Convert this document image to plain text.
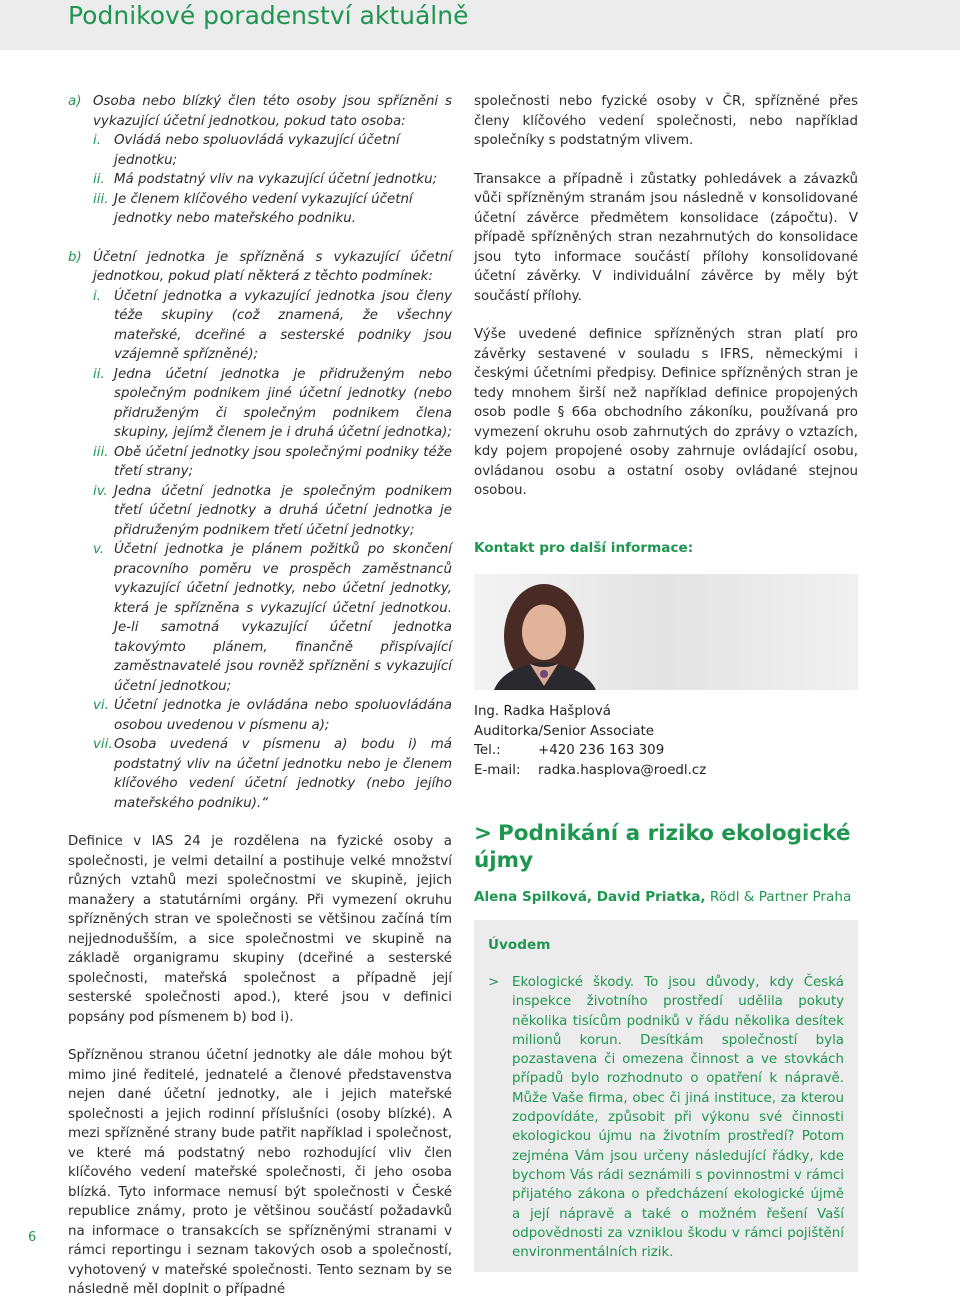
Podnikové poradenství aktuálně
a) Osoba nebo blízký člen této osoby jsou spřízněni s vykazující účetní jednotkou, pokud tato osoba:

i. Ovládá nebo spoluovládá vykazující účetní jednotku;
ii. Má podstatný vliv na vykazující účetní jednotku;
iii. Je členem klíčového vedení vykazující účetní jednotky nebo mateřského podniku.
b) Účetní jednotka je spřízněná s vykazující účetní jednotkou, pokud platí některá z těchto podmínek:

i. Účetní jednotka a vykazující jednotka jsou členy téže skupiny (což znamená, že všechny mateřské, dceřiné a sesterské podniky jsou vzájemně spřízněné);
ii. Jedna účetní jednotka je přidruženým nebo společným podnikem jiné účetní jednotky (nebo přidruženým či společným podnikem člena skupiny, jejímž členem je i druhá účetní jednotka);
iii. Obě účetní jednotky jsou společnými podniky téže třetí strany;
iv. Jedna účetní jednotka je společným podnikem třetí účetní jednotky a druhá účetní jednotka je přidruženým podnikem třetí účetní jednotky;
v. Účetní jednotka je plánem požitků po skončení pracovního poměru ve prospěch zaměstnanců vykazující účetní jednotky, nebo účetní jednotky, která je spřízněna s vykazující účetní jednotkou. Je-li samotná vykazující účetní jednotka takovýmto plánem, finančně přispívající zaměstnavatelé jsou rovněž spřízněni s vykazující účetní jednotkou;
vi. Účetní jednotka je ovládána nebo spoluovládána osobou uvedenou v písmenu a);
vii. Osoba uvedená v písmenu a) bodu i) má podstatný vliv na účetní jednotku nebo je členem klíčového vedení účetní jednotky (nebo jejího mateřského podniku).“

Definice v IAS 24 je rozdělena na fyzické osoby a společnosti, je velmi detailní a postihuje velké množství různých vztahů mezi společnostmi ve skupině, jejich manažery a statutárními orgány. Při vymezení okruhu spřízněných stran ve společnosti se většinou začíná tím nejjednodušším, a sice společnostmi ve skupině na základě organigramu skupiny (dceřiné a sesterské společnosti, mateřská společnost a případně její sesterské společnosti apod.), které jsou v definici popsány pod písmenem b) bod i).

Spřízněnou stranou účetní jednotky ale dále mohou být mimo jiné ředitelé, jednatelé a členové představenstva nejen dané účetní jednotky, ale i jejich mateřské společnosti a jejich rodinní příslušníci (osoby blízké). A mezi spřízněné strany bude patřit například i společnost, ve které má podstatný nebo rozhodující vliv člen klíčového vedení mateřské společnosti, či jeho osoba blízká. Tyto informace nemusí být společnosti v České republice známy, proto je většinou součástí požadavků na informace o transakcích se spřízněnými stranami v rámci reportingu i seznam takových osob a společností, vyhotovený v mateřské společnosti. Tento seznam by se následně měl doplnit o případné

společnosti nebo fyzické osoby v ČR, spřízněné přes členy klíčového vedení společnosti, nebo například společníky s podstatným vlivem.

Transakce a případně i zůstatky pohledávek a závazků vůči spřízněným stranám jsou následně v konsolidované účetní závěrce předmětem konsolidace (zápočtu). V případě spřízněných stran nezahrnutých do konsolidace jsou tyto informace součástí přílohy konsolidované účetní závěrky. V individuální závěrce by měly být součástí přílohy.

Výše uvedené definice spřízněných stran platí pro závěrky sestavené v souladu s IFRS, německými i českými účetními předpisy. Definice spřízněných stran je tedy mnohem širší než například definice propojených osob podle § 66a obchodního zákoníku, používaná pro vymezení okruhu osob zahrnutých do zprávy o vztazích, kdy pojem propojené osoby zahrnuje ovládající osobu, ovládanou osobu a ostatní osoby ovládané stejnou osobou.

Kontakt pro další informace:
Ing. Radka Hašplová
Auditorka/Senior Associate
Tel.:	+420 236 163 309
E-mail: radka.hasplova@roedl.cz
> Podnikání a riziko ekologické újmy
Alena Spilková, David Priatka, Rödl & Partner Praha
Úvodem
> Ekologické škody. To jsou důvody, kdy Česká inspekce životního prostředí udělila pokuty několika tisícům podniků v řádu několika desítek milionů korun. Desítkám společností byla pozastavena či omezena činnost a ve stovkách případů bylo rozhodnuto o opatření k nápravě. Může Vaše firma, obec či jiná instituce, za kterou zodpovídáte, způsobit při výkonu své činnosti ekologickou újmu na životním prostředí? Potom zejména Vám jsou určeny následující řádky, kde bychom Vás rádi seznámili s povinnostmi v rámci přijatého zákona o předcházení ekologické újmě a její nápravě a také o možném řešení Vaší odpovědnosti za vzniklou škodu v rámci pojištění environmentálních rizik.
6
